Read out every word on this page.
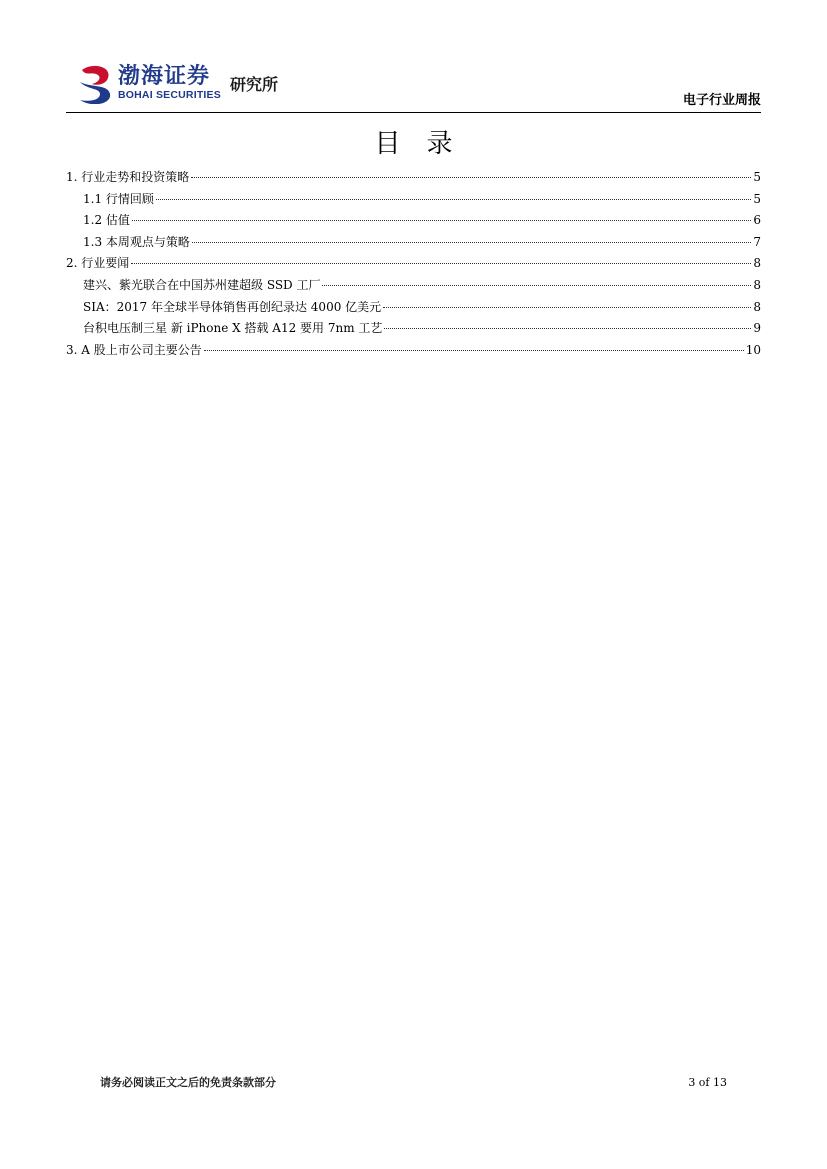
渤海证券
BOHAI SECURITIES
研究所
电子行业周报
目录
1. 行业走势和投资策略	5
1.1 行情回顾	5
1.2 估值	6
1.3 本周观点与策略	7
2. 行业要闻	8
建兴、紫光联合在中国苏州建超级 SSD 工厂	8
SIA：2017 年全球半导体销售再创纪录达 4000 亿美元	8
台积电压制三星 新 iPhone X 搭载 A12 要用 7nm 工艺	9
3. A 股上市公司主要公告	10
请务必阅读正文之后的免责条款部分	3 of 13
